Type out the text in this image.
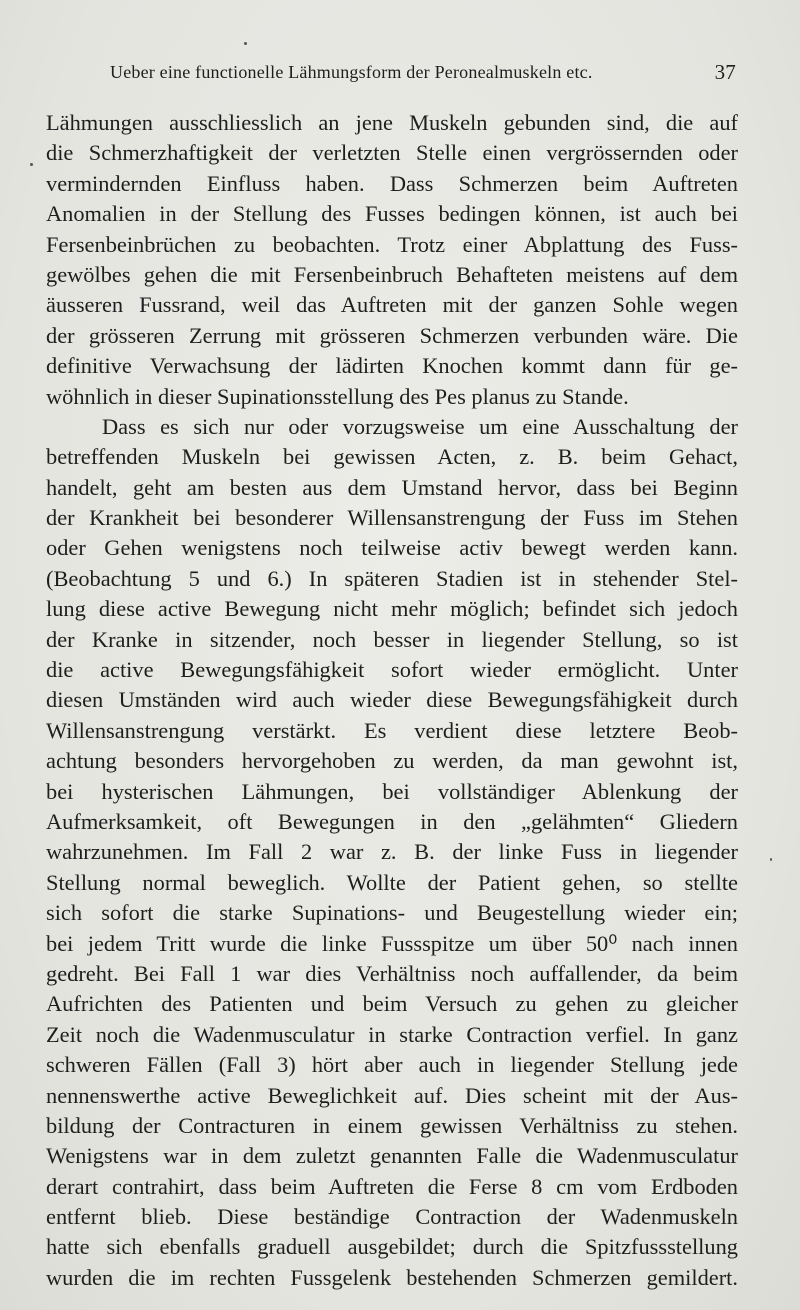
Ueber eine functionelle Lähmungsform der Peronealmuskeln etc.	37
Lähmungen ausschliesslich an jene Muskeln gebunden sind, die auf
die Schmerzhaftigkeit der verletzten Stelle einen vergrössernden oder
vermindernden Einfluss haben. Dass Schmerzen beim Auftreten
Anomalien in der Stellung des Fusses bedingen können, ist auch bei
Fersenbeinbrüchen zu beobachten. Trotz einer Abplattung des Fuss-
gewölbes gehen die mit Fersenbeinbruch Behafteten meistens auf dem
äusseren Fussrand, weil das Auftreten mit der ganzen Sohle wegen
der grösseren Zerrung mit grösseren Schmerzen verbunden wäre. Die
definitive Verwachsung der lädirten Knochen kommt dann für ge-
wöhnlich in dieser Supinationsstellung des Pes planus zu Stande.
Dass es sich nur oder vorzugsweise um eine Ausschaltung der
betreffenden Muskeln bei gewissen Acten, z. B. beim Gehact,
handelt, geht am besten aus dem Umstand hervor, dass bei Beginn
der Krankheit bei besonderer Willensanstrengung der Fuss im Stehen
oder Gehen wenigstens noch teilweise activ bewegt werden kann.
(Beobachtung 5 und 6.) In späteren Stadien ist in stehender Stel-
lung diese active Bewegung nicht mehr möglich; befindet sich jedoch
der Kranke in sitzender, noch besser in liegender Stellung, so ist
die active Bewegungsfähigkeit sofort wieder ermöglicht. Unter
diesen Umständen wird auch wieder diese Bewegungsfähigkeit durch
Willensanstrengung verstärkt. Es verdient diese letztere Beob-
achtung besonders hervorgehoben zu werden, da man gewohnt ist,
bei hysterischen Lähmungen, bei vollständiger Ablenkung der
Aufmerksamkeit, oft Bewegungen in den „gelähmten“ Gliedern
wahrzunehmen. Im Fall 2 war z. B. der linke Fuss in liegender
Stellung normal beweglich. Wollte der Patient gehen, so stellte
sich sofort die starke Supinations- und Beugestellung wieder ein;
bei jedem Tritt wurde die linke Fussspitze um über 50⁰ nach innen
gedreht. Bei Fall 1 war dies Verhältniss noch auffallender, da beim
Aufrichten des Patienten und beim Versuch zu gehen zu gleicher
Zeit noch die Wadenmusculatur in starke Contraction verfiel. In ganz
schweren Fällen (Fall 3) hört aber auch in liegender Stellung jede
nennenswerthe active Beweglichkeit auf. Dies scheint mit der Aus-
bildung der Contracturen in einem gewissen Verhältniss zu stehen.
Wenigstens war in dem zuletzt genannten Falle die Wadenmusculatur
derart contrahirt, dass beim Auftreten die Ferse 8 cm vom Erdboden
entfernt blieb. Diese beständige Contraction der Wadenmuskeln
hatte sich ebenfalls graduell ausgebildet; durch die Spitzfussstellung
wurden die im rechten Fussgelenk bestehenden Schmerzen gemildert.
